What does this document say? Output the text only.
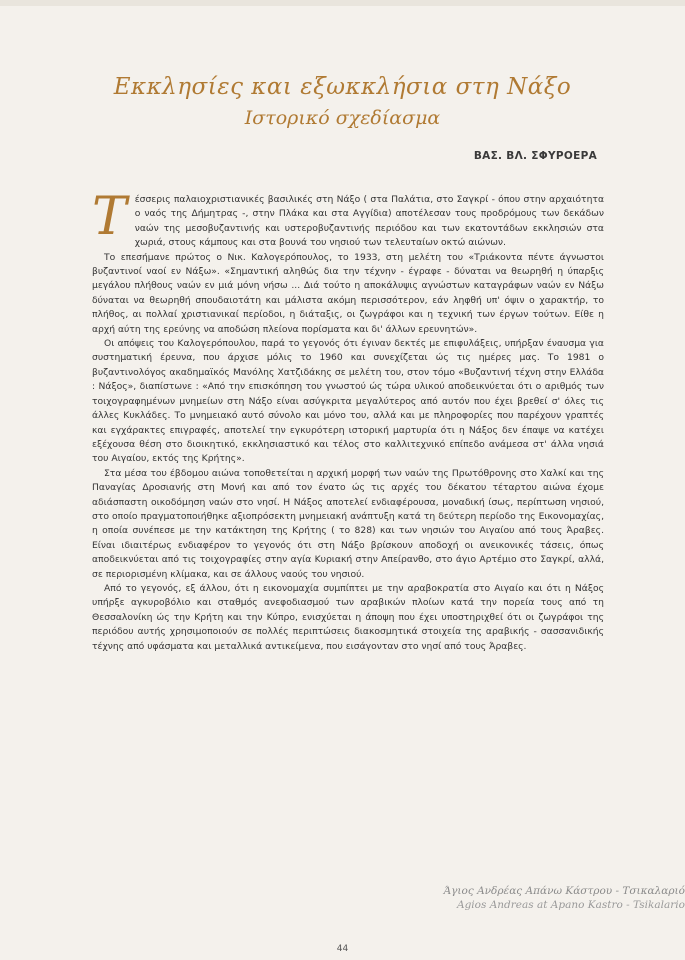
Εκκλησίες και εξωκκλήσια στη Νάξο
Ιστορικό σχεδίασμα
ΒΑΣ. ΒΛ. ΣΦΥΡΟΕΡΑ

Τέσσερις παλαιοχριστιανικές βασιλικές στη Νάξο ( στα Παλάτια, στο Σαγκρί - όπου στην αρχαιότητα ο ναός της Δήμητρας -, στην Πλάκα και στα Αγγίδια) αποτέλεσαν τους προδρόμους των δεκάδων ναών της μεσοβυζαντινής και υστεροβυζαντινής περιόδου και των εκατοντάδων εκκλησιών στα χωριά, στους κάμπους και στα βουνά του νησιού των τελευταίων οκτώ αιώνων.

Το επεσήμανε πρώτος ο Νικ. Καλογερόπουλος, το 1933, στη μελέτη του «Τριάκοντα πέντε άγνωστοι βυζαντινοί ναοί εν Νάξω». «Σημαντική αληθώς δια την τέχνην - έγραφε - δύναται να θεωρηθή η ύπαρξις μεγάλου πλήθους ναών εν μιά μόνη νήσω ... Διά τούτο η αποκάλυψις αγνώστων καταγράφων ναών εν Νάξω δύναται να θεωρηθή σπουδαιοτάτη και μάλιστα ακόμη περισσότερον, εάν ληφθή υπ' όψιν ο χαρακτήρ, το πλήθος, αι πολλαί χριστιανικαί περίοδοι, η διάταξις, οι ζωγράφοι και η τεχνική των έργων τούτων. Είθε η αρχή αύτη της ερεύνης να αποδώση πλείονα πορίσματα και δι' άλλων ερευνητών».

Οι απόψεις του Καλογερόπουλου, παρά το γεγονός ότι έγιναν δεκτές με επιφυλάξεις, υπήρξαν έναυσμα για συστηματική έρευνα, που άρχισε μόλις το 1960 και συνεχίζεται ώς τις ημέρες μας. Το 1981 ο βυζαντινολόγος ακαδημαϊκός Μανόλης Χατζιδάκης σε μελέτη του, στον τόμο «Βυζαντινή τέχνη στην Ελλάδα : Νάξος», διαπίστωνε : «Από την επισκόπηση του γνωστού ώς τώρα υλικού αποδεικνύεται ότι ο αριθμός των τοιχογραφημένων μνημείων στη Νάξο είναι ασύγκριτα μεγαλύτερος από αυτόν που έχει βρεθεί σ' όλες τις άλλες Κυκλάδες. Το μνημειακό αυτό σύνολο και μόνο του, αλλά και με πληροφορίες που παρέχουν γραπτές και εγχάρακτες επιγραφές, αποτελεί την εγκυρότερη ιστορική μαρτυρία ότι η Νάξος δεν έπαψε να κατέχει εξέχουσα θέση στο διοικητικό, εκκλησιαστικό και τέλος στο καλλιτεχνικό επίπεδο ανάμεσα στ' άλλα νησιά του Αιγαίου, εκτός της Κρήτης».

Στα μέσα του έβδομου αιώνα τοποθετείται η αρχική μορφή των ναών της Πρωτόθρονης στο Χαλκί και της Παναγίας Δροσιανής στη Μονή και από τον ένατο ώς τις αρχές του δέκατου τέταρτου αιώνα έχομε αδιάσπαστη οικοδόμηση ναών στο νησί. Η Νάξος αποτελεί ενδιαφέρουσα, μοναδική ίσως, περίπτωση νησιού, στο οποίο πραγματοποιήθηκε αξιοπρόσεκτη μνημειακή ανάπτυξη κατά τη δεύτερη περίοδο της Εικονομαχίας, η οποία συνέπεσε με την κατάκτηση της Κρήτης ( το 828) και των νησιών του Αιγαίου από τους Άραβες. Είναι ιδιαιτέρως ενδιαφέρον το γεγονός ότι στη Νάξο βρίσκουν αποδοχή οι ανεικονικές τάσεις, όπως αποδεικνύεται από τις τοιχογραφίες στην αγία Κυριακή στην Απείρανθο, στο άγιο Αρτέμιο στο Σαγκρί, αλλά, σε περιορισμένη κλίμακα, και σε άλλους ναούς του νησιού.

Από το γεγονός, εξ άλλου, ότι η εικονομαχία συμπίπτει με την αραβοκρατία στο Αιγαίο και ότι η Νάξος υπήρξε αγκυροβόλιο και σταθμός ανεφοδιασμού των αραβικών πλοίων κατά την πορεία τους από τη Θεσσαλονίκη ώς την Κρήτη και την Κύπρο, ενισχύεται η άποψη που έχει υποστηριχθεί ότι οι ζωγράφοι της περιόδου αυτής χρησιμοποιούν σε πολλές περιπτώσεις διακοσμητικά στοιχεία της αραβικής - σασσανιδικής τέχνης από υφάσματα και μεταλλικά αντικείμενα, που εισάγονταν στο νησί από τους Άραβες.

Άγιος Ανδρέας Απάνω Κάστρου - Τσικαλαριό
Agios Andreas at Apano Kastro - Tsikalario
44
